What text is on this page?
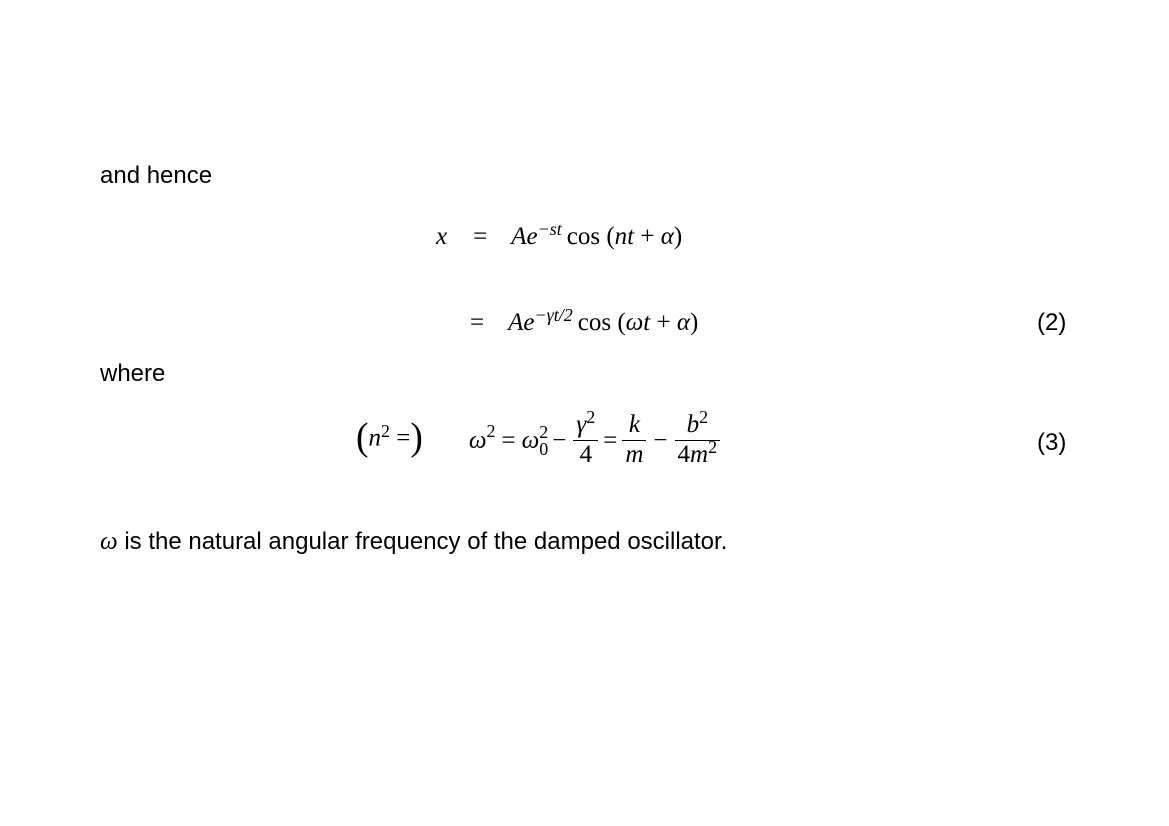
and hence
where
ω is the natural angular frequency of the damped oscillator.
$x = Ae^{-st}$ cos (nt + α)
= $Ae^{-\gamma t/2}$ cos (ωt + α)	(2)
($n^2$ =) ω 2 = ω 2
$0 - \frac{\gamma^2}{4} = \frac{k}{m} - \frac{b^2}{4m^2}$	(3)
